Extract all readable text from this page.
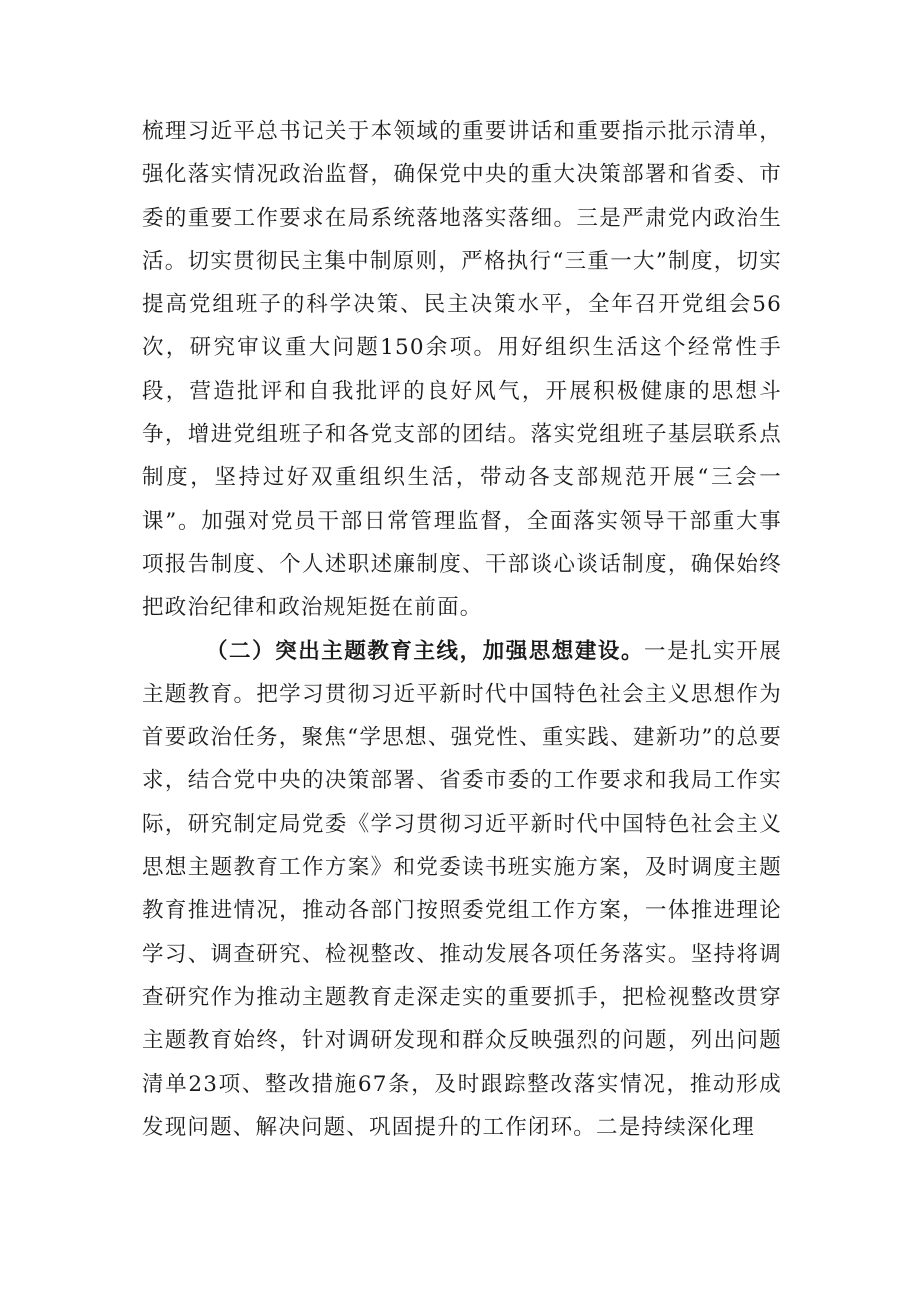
梳理习近平总书记关于本领域的重要讲话和重要指示批示清单，强化落实情况政治监督，确保党中央的重大决策部署和省委、市委的重要工作要求在局系统落地落实落细。三是严肃党内政治生活。切实贯彻民主集中制原则，严格执行“三重一大”制度，切实提高党组班子的科学决策、民主决策水平，全年召开党组会56次，研究审议重大问题150余项。用好组织生活这个经常性手段，营造批评和自我批评的良好风气，开展积极健康的思想斗争，增进党组班子和各党支部的团结。落实党组班子基层联系点制度，坚持过好双重组织生活，带动各支部规范开展“三会一课”。加强对党员干部日常管理监督，全面落实领导干部重大事项报告制度、个人述职述廉制度、干部谈心谈话制度，确保始终把政治纪律和政治规矩挺在前面。

（二）突出主题教育主线，加强思想建设。一是扎实开展主题教育。把学习贯彻习近平新时代中国特色社会主义思想作为首要政治任务，聚焦“学思想、强党性、重实践、建新功”的总要求，结合党中央的决策部署、省委市委的工作要求和我局工作实际，研究制定局党委《学习贯彻习近平新时代中国特色社会主义思想主题教育工作方案》和党委读书班实施方案，及时调度主题教育推进情况，推动各部门按照委党组工作方案，一体推进理论学习、调查研究、检视整改、推动发展各项任务落实。坚持将调查研究作为推动主题教育走深走实的重要抓手，把检视整改贯穿主题教育始终，针对调研发现和群众反映强烈的问题，列出问题清单23项、整改措施67条，及时跟踪整改落实情况，推动形成发现问题、解决问题、巩固提升的工作闭环。二是持续深化理
